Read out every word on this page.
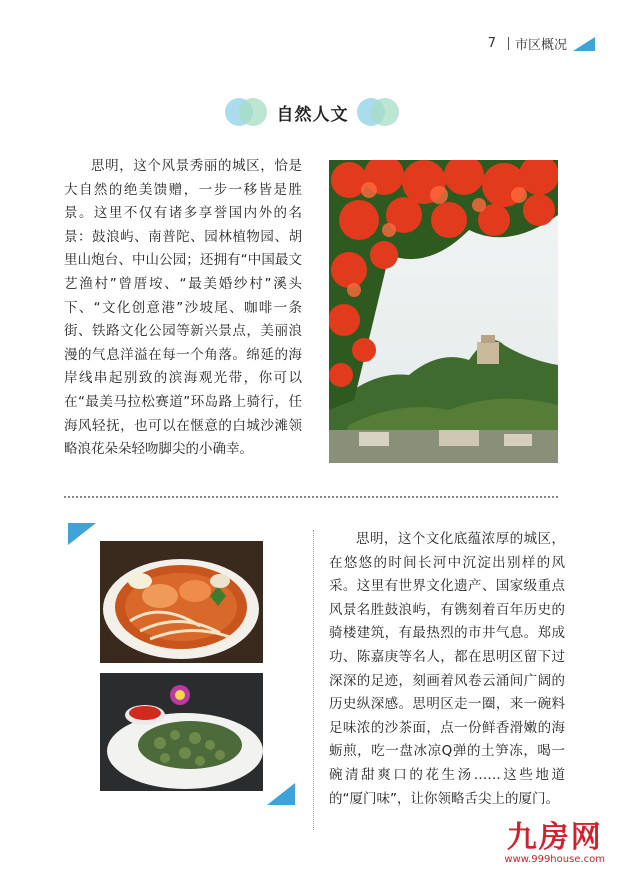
7 市区概况
自然人文

思明，这个风景秀丽的城区，恰是大自然的绝美馈赠，一步一移皆是胜景。这里不仅有诸多享誉国内外的名景：鼓浪屿、南普陀、园林植物园、胡里山炮台、中山公园；还拥有“中国最文艺渔村”曾厝垵、“最美婚纱村”溪头下、“文化创意港”沙坡尾、咖啡一条街、铁路文化公园等新兴景点，美丽浪漫的气息洋溢在每一个角落。绵延的海岸线串起别致的滨海观光带，你可以在“最美马拉松赛道”环岛路上骑行，任海风轻抚，也可以在惬意的白城沙滩领略浪花朵朵轻吻脚尖的小确幸。

思明，这个文化底蕴浓厚的城区，在悠悠的时间长河中沉淀出别样的风采。这里有世界文化遗产、国家级重点风景名胜鼓浪屿，有镌刻着百年历史的骑楼建筑，有最热烈的市井气息。郑成功、陈嘉庚等名人，都在思明区留下过深深的足迹，刻画着风卷云涌间广阔的历史纵深感。思明区走一圈，来一碗料足味浓的沙茶面，点一份鲜香滑嫩的海蛎煎，吃一盘冰凉Q弹的土笋冻，喝一碗清甜爽口的花生汤……这些地道的“厦门味”，让你领略舌尖上的厦门。

九房网
www.999house.com
